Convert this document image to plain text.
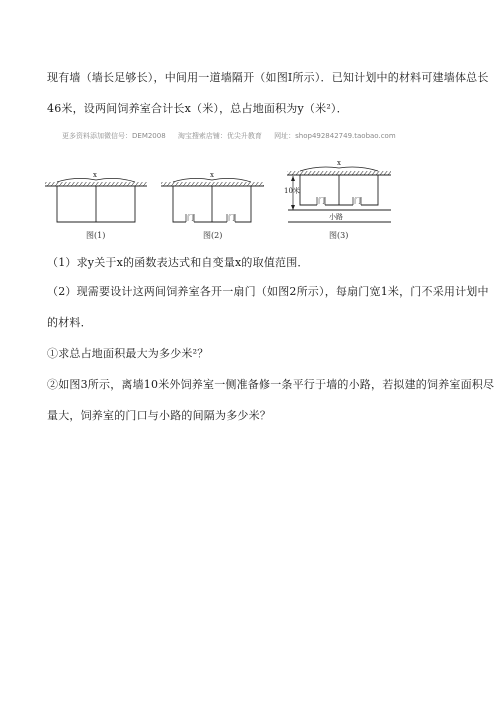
现有墙（墙长足够长），中间用一道墙隔开（如图Ⅰ所示）．已知计划中的材料可建墙体总长
46米，设两间饲养室合计长x（米），总占地面积为y（米²）．
更多资料添加微信号：DEM2008 淘宝搜索店铺：优尖升教育 网址：shop492842749.taobao.com
x
图(1)
x
门	门
图(2)
x
门	门
10米
小路
图(3)
（1）求y关于x的函数表达式和自变量x的取值范围．
（2）现需要设计这两间饲养室各开一扇门（如图2所示），每扇门宽1米，门不采用计划中
的材料．
①求总占地面积最大为多少米²？
②如图3所示，离墙10米外饲养室一侧准备修一条平行于墙的小路，若拟建的饲养室面积尽
量大，饲养室的门口与小路的间隔为多少米？
